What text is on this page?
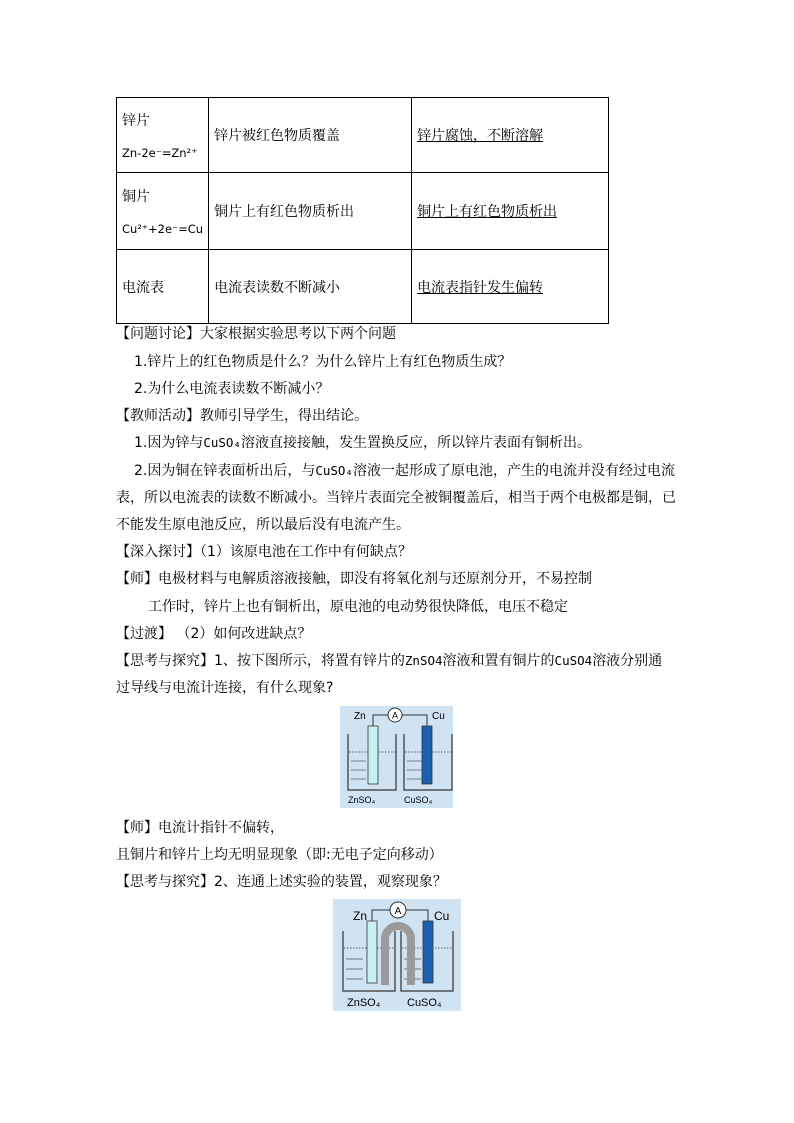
锌片
Zn-2e⁻=Zn²⁺	锌片被红色物质覆盖	锌片腐蚀，不断溶解

铜片
Cu²⁺+2e⁻=Cu	铜片上有红色物质析出	铜片上有红色物质析出

电流表	电流表读数不断减小	电流表指针发生偏转
【问题讨论】大家根据实验思考以下两个问题
1.锌片上的红色物质是什么？为什么锌片上有红色物质生成？
2.为什么电流表读数不断减小？
【教师活动】教师引导学生，得出结论。
1.因为锌与CuSO₄溶液直接接触，发生置换反应，所以锌片表面有铜析出。
2.因为铜在锌表面析出后，与CuSO₄溶液一起形成了原电池，产生的电流并没有经过电流
表，所以电流表的读数不断减小。当锌片表面完全被铜覆盖后，相当于两个电极都是铜，已
不能发生原电池反应，所以最后没有电流产生。
【深入探讨】（1）该原电池在工作中有何缺点？
【师】电极材料与电解质溶液接触，即没有将氧化剂与还原剂分开，不易控制
工作时，锌片上也有铜析出，原电池的电动势很快降低，电压不稳定
【过渡】 （2）如何改进缺点？
【思考与探究】1、按下图所示，将置有锌片的ZnSO4溶液和置有铜片的CuSO4溶液分别通
过导线与电流计连接，有什么现象?
A
Zn	Cu
ZnSO₄	CuSO₄
【师】电流计指针不偏转，
且铜片和锌片上均无明显现象（即:无电子定向移动）
【思考与探究】2、连通上述实验的装置，观察现象？
A
Zn	Cu
ZnSO₄ CuSO₄
